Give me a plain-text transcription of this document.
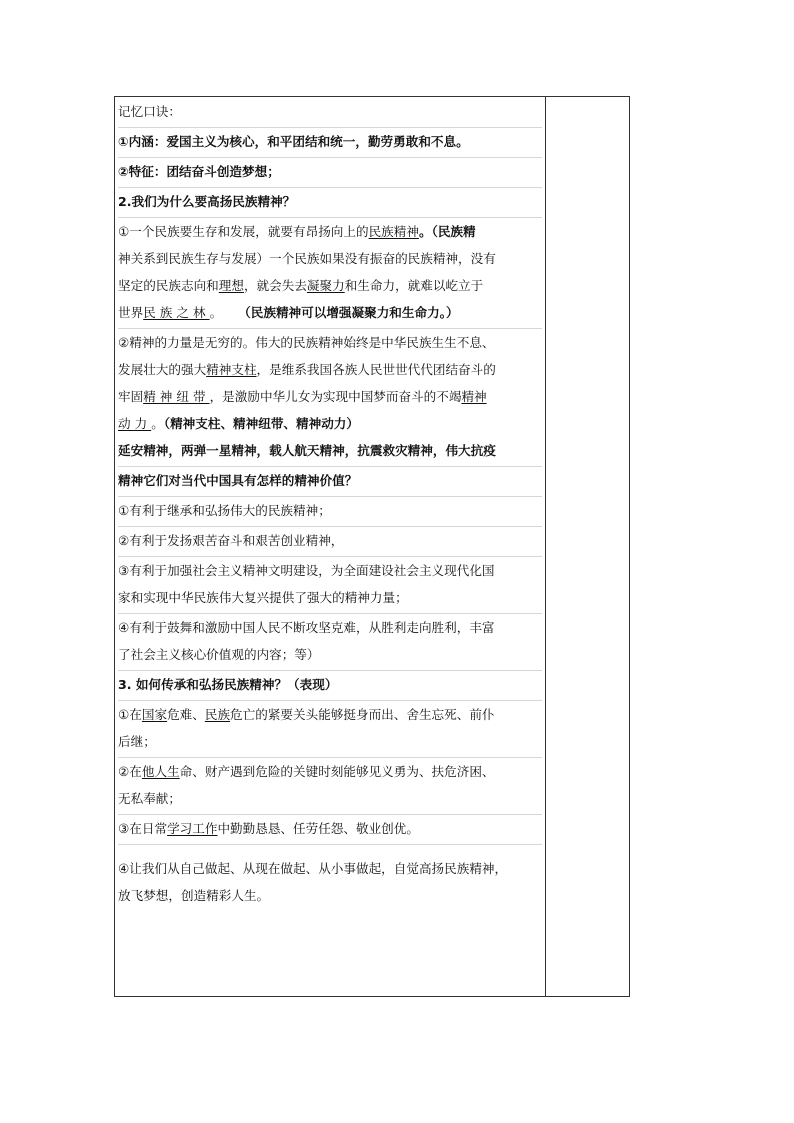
记忆口诀：

①内涵：爱国主义为核心，和平团结和统一，勤劳勇敢和不息。

②特征：团结奋斗创造梦想；

2.我们为什么要高扬民族精神？

①一个民族要生存和发展，就要有昂扬向上的民族精神。（民族精

神关系到民族生存与发展）一个民族如果没有振奋的民族精神，没有

坚定的民族志向和理想，就会失去凝聚力和生命力，就难以屹立于

世界民族之林。 （民族精神可以增强凝聚力和生命力。）

②精神的力量是无穷的。伟大的民族精神始终是中华民族生生不息、

发展壮大的强大精神支柱，是维系我国各族人民世世代代团结奋斗的

牢固精神纽带，是激励中华儿女为实现中国梦而奋斗的不竭精神

动力。（精神支柱、精神纽带、精神动力）

延安精神，两弹一星精神，载人航天精神，抗震救灾精神，伟大抗疫

精神它们对当代中国具有怎样的精神价值？

①有利于继承和弘扬伟大的民族精神；

②有利于发扬艰苦奋斗和艰苦创业精神，

③有利于加强社会主义精神文明建设，为全面建设社会主义现代化国

家和实现中华民族伟大复兴提供了强大的精神力量；

④有利于鼓舞和激励中国人民不断攻坚克难，从胜利走向胜利，丰富

了社会主义核心价值观的内容；等）

3. 如何传承和弘扬民族精神？（表现）

①在国家危难、民族危亡的紧要关头能够挺身而出、舍生忘死、前仆

后继；

②在他人生命、财产遇到危险的关键时刻能够见义勇为、扶危济困、

无私奉献；

③在日常学习工作中勤勤恳恳、任劳任怨、敬业创优。

④让我们从自己做起、从现在做起、从小事做起，自觉高扬民族精神，

放飞梦想，创造精彩人生。
